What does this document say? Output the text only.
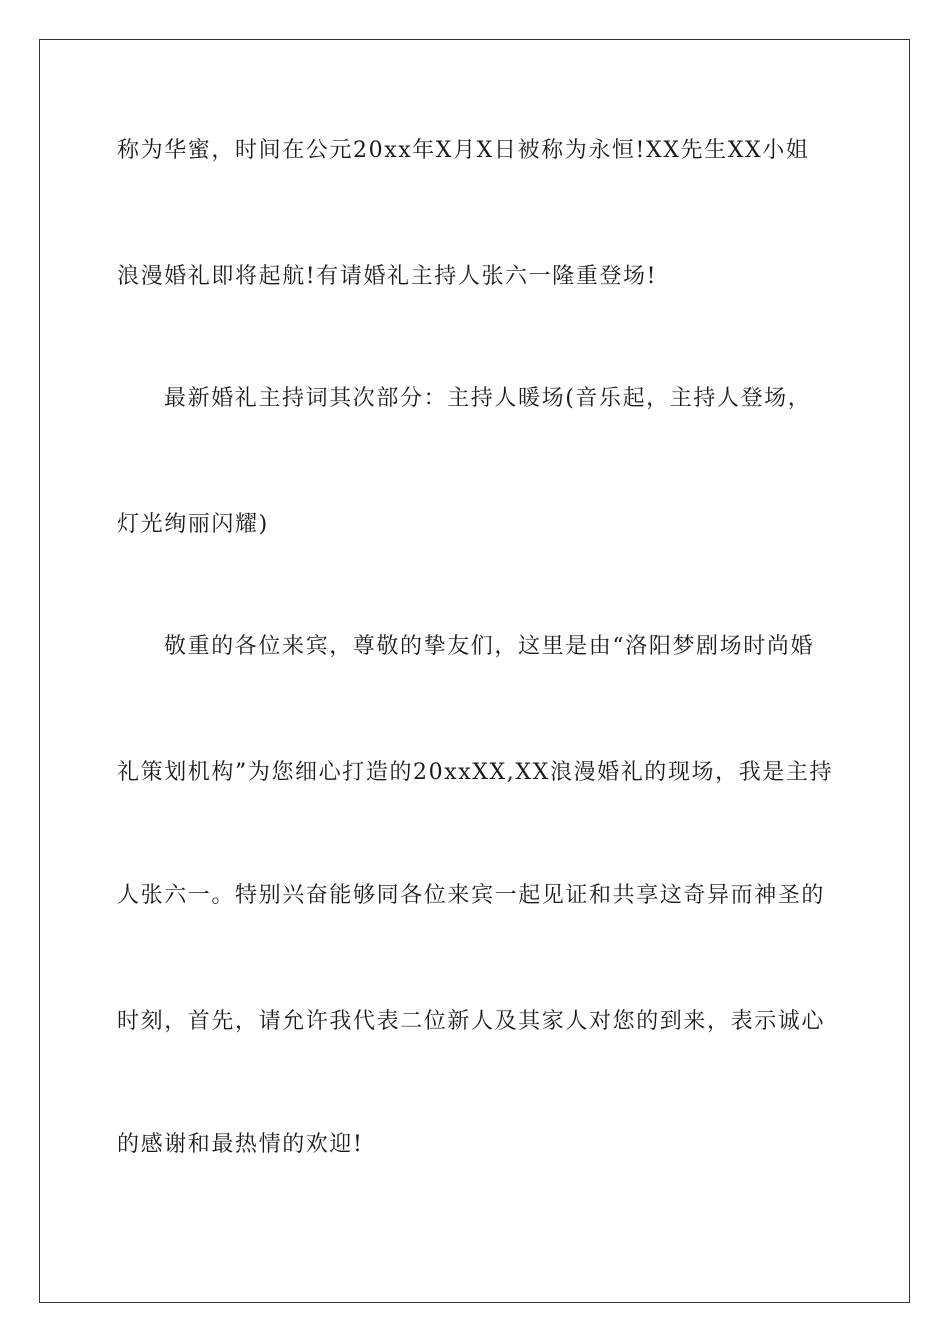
称为华蜜，时间在公元20xx年X月X日被称为永恒!XX先生XX小姐
浪漫婚礼即将起航!有请婚礼主持人张六一隆重登场!
最新婚礼主持词其次部分：主持人暖场(音乐起，主持人登场，
灯光绚丽闪耀)
敬重的各位来宾，尊敬的挚友们，这里是由“洛阳梦剧场时尚婚
礼策划机构”为您细心打造的20xxXX,XX浪漫婚礼的现场，我是主持
人张六一。特别兴奋能够同各位来宾一起见证和共享这奇异而神圣的
时刻，首先，请允许我代表二位新人及其家人对您的到来，表示诚心
的感谢和最热情的欢迎!
